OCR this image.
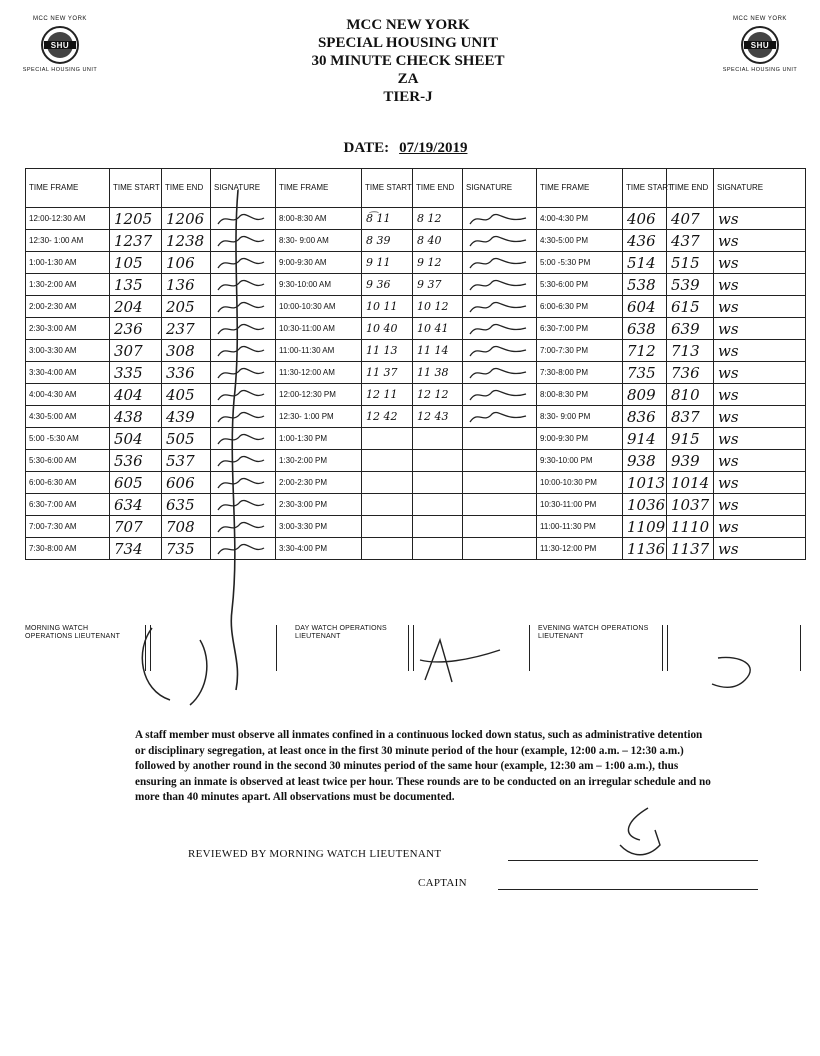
MCC NEW YORK
SHU
SPECIAL HOUSING UNIT
MCC NEW YORK
SHU
SPECIAL HOUSING UNIT
MCC NEW YORK
SPECIAL HOUSING UNIT
30 MINUTE CHECK SHEET
ZA
TIER-J
DATE: 07/19/2019
TIME FRAME	TIME START	TIME END	SIGNATURE	TIME FRAME	TIME START	TIME END	SIGNATURE	TIME FRAME	TIME START	TIME END	SIGNATURE
12:00-12:30 AM	1205	1206		8:00-8:30 AM	8͡ 11	8 12		4:00-4:30 PM	406	407	ws
12:30- 1:00 AM	1237	1238		8:30- 9:00 AM	8 39	8 40		4:30-5:00 PM	436	437	ws
1:00-1:30 AM	105	106		9:00-9:30 AM	9 11	9 12		5:00 -5:30 PM	514	515	ws
1:30-2:00 AM	135	136		9:30-10:00 AM	9 36	9 37		5:30-6:00 PM	538	539	ws
2:00-2:30 AM	204	205		10:00-10:30 AM	10 11	10 12		6:00-6:30 PM	604	615	ws
2:30-3:00 AM	236	237		10:30-11:00 AM	10 40	10 41		6:30-7:00 PM	638	639	ws
3:00-3:30 AM	307	308		11:00-11:30 AM	11 13	11 14		7:00-7:30 PM	712	713	ws
3:30-4:00 AM	335	336		11:30-12:00 AM	11 37	11 38		7:30-8:00 PM	735	736	ws
4:00-4:30 AM	404	405		12:00-12:30 PM	12 11	12 12		8:00-8:30 PM	809	810	ws
4:30-5:00 AM	438	439		12:30- 1:00 PM	12 42	12 43		8:30- 9:00 PM	836	837	ws
5:00 -5:30 AM	504	505		1:00-1:30 PM				9:00-9:30 PM	914	915	ws
5:30-6:00 AM	536	537		1:30-2:00 PM				9:30-10:00 PM	938	939	ws
6:00-6:30 AM	605	606		2:00-2:30 PM				10:00-10:30 PM	1013	1014	ws
6:30-7:00 AM	634	635		2:30-3:00 PM				10:30-11:00 PM	1036	1037	ws
7:00-7:30 AM	707	708		3:00-3:30 PM				11:00-11:30 PM	1109	1110	ws
7:30-8:00 AM	734	735		3:30-4:00 PM				11:30-12:00 PM	1136	1137	ws
MORNING WATCH OPERATIONS LIEUTENANT
DAY WATCH OPERATIONS LIEUTENANT
EVENING WATCH OPERATIONS LIEUTENANT
A staff member must observe all inmates confined in a continuous locked down status, such as administrative detention or disciplinary segregation, at least once in the first 30 minute period of the hour (example, 12:00 a.m. – 12:30 a.m.) followed by another round in the second 30 minutes period of the same hour (example, 12:30 am – 1:00 a.m.), thus ensuring an inmate is observed at least twice per hour. These rounds are to be conducted on an irregular schedule and no more than 40 minutes apart. All observations must be documented.
REVIEWED BY MORNING WATCH LIEUTENANT
CAPTAIN
